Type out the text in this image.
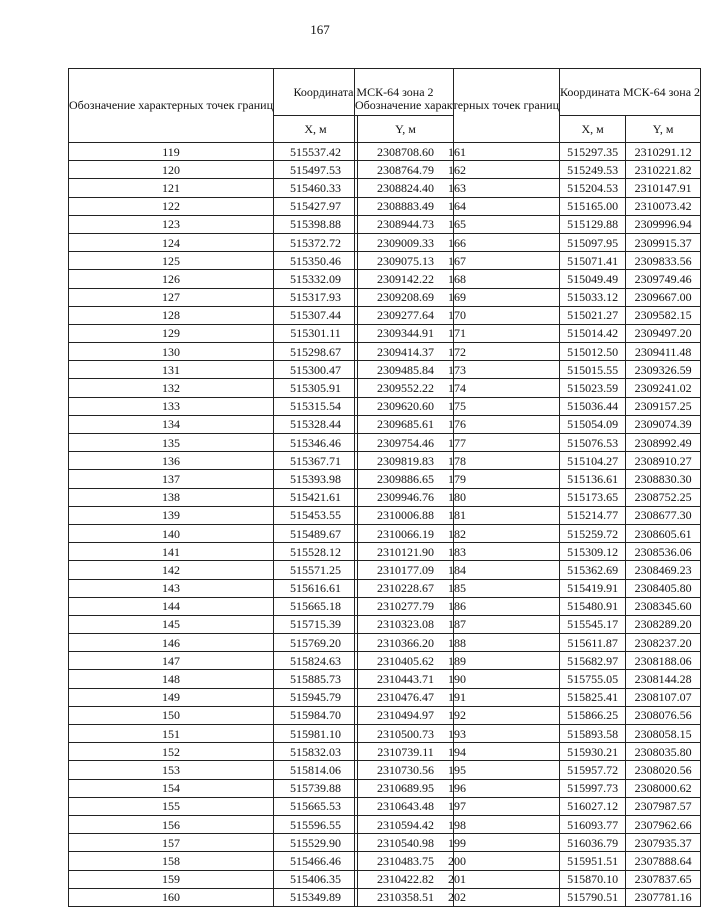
167
Обозначение характерных точек границ	Координата МСК-64 зона 2	
	X, м	Y, м
119	515537.42	2308708.60
120	515497.53	2308764.79
121	515460.33	2308824.40
122	515427.97	2308883.49
123	515398.88	2308944.73
124	515372.72	2309009.33
125	515350.46	2309075.13
126	515332.09	2309142.22
127	515317.93	2309208.69
128	515307.44	2309277.64
129	515301.11	2309344.91
130	515298.67	2309414.37
131	515300.47	2309485.84
132	515305.91	2309552.22
133	515315.54	2309620.60
134	515328.44	2309685.61
135	515346.46	2309754.46
136	515367.71	2309819.83
137	515393.98	2309886.65
138	515421.61	2309946.76
139	515453.55	2310006.88
140	515489.67	2310066.19
141	515528.12	2310121.90
142	515571.25	2310177.09
143	515616.61	2310228.67
144	515665.18	2310277.79
145	515715.39	2310323.08
146	515769.20	2310366.20
147	515824.63	2310405.62
148	515885.73	2310443.71
149	515945.79	2310476.47
150	515984.70	2310494.97
151	515981.10	2310500.73
152	515832.03	2310739.11
153	515814.06	2310730.56
154	515739.88	2310689.95
155	515665.53	2310643.48
156	515596.55	2310594.42
157	515529.90	2310540.98
158	515466.46	2310483.75
159	515406.35	2310422.82
160	515349.89	2310358.51
Обозначение характерных точек границ	Координата МСК-64 зона 2	
	X, м	Y, м
161	515297.35	2310291.12
162	515249.53	2310221.82
163	515204.53	2310147.91
164	515165.00	2310073.42
165	515129.88	2309996.94
166	515097.95	2309915.37
167	515071.41	2309833.56
168	515049.49	2309749.46
169	515033.12	2309667.00
170	515021.27	2309582.15
171	515014.42	2309497.20
172	515012.50	2309411.48
173	515015.55	2309326.59
174	515023.59	2309241.02
175	515036.44	2309157.25
176	515054.09	2309074.39
177	515076.53	2308992.49
178	515104.27	2308910.27
179	515136.61	2308830.30
180	515173.65	2308752.25
181	515214.77	2308677.30
182	515259.72	2308605.61
183	515309.12	2308536.06
184	515362.69	2308469.23
185	515419.91	2308405.80
186	515480.91	2308345.60
187	515545.17	2308289.20
188	515611.87	2308237.20
189	515682.97	2308188.06
190	515755.05	2308144.28
191	515825.41	2308107.07
192	515866.25	2308076.56
193	515893.58	2308058.15
194	515930.21	2308035.80
195	515957.72	2308020.56
196	515997.73	2308000.62
197	516027.12	2307987.57
198	516093.77	2307962.66
199	516036.79	2307935.37
200	515951.51	2307888.64
201	515870.10	2307837.65
202	515790.51	2307781.16
